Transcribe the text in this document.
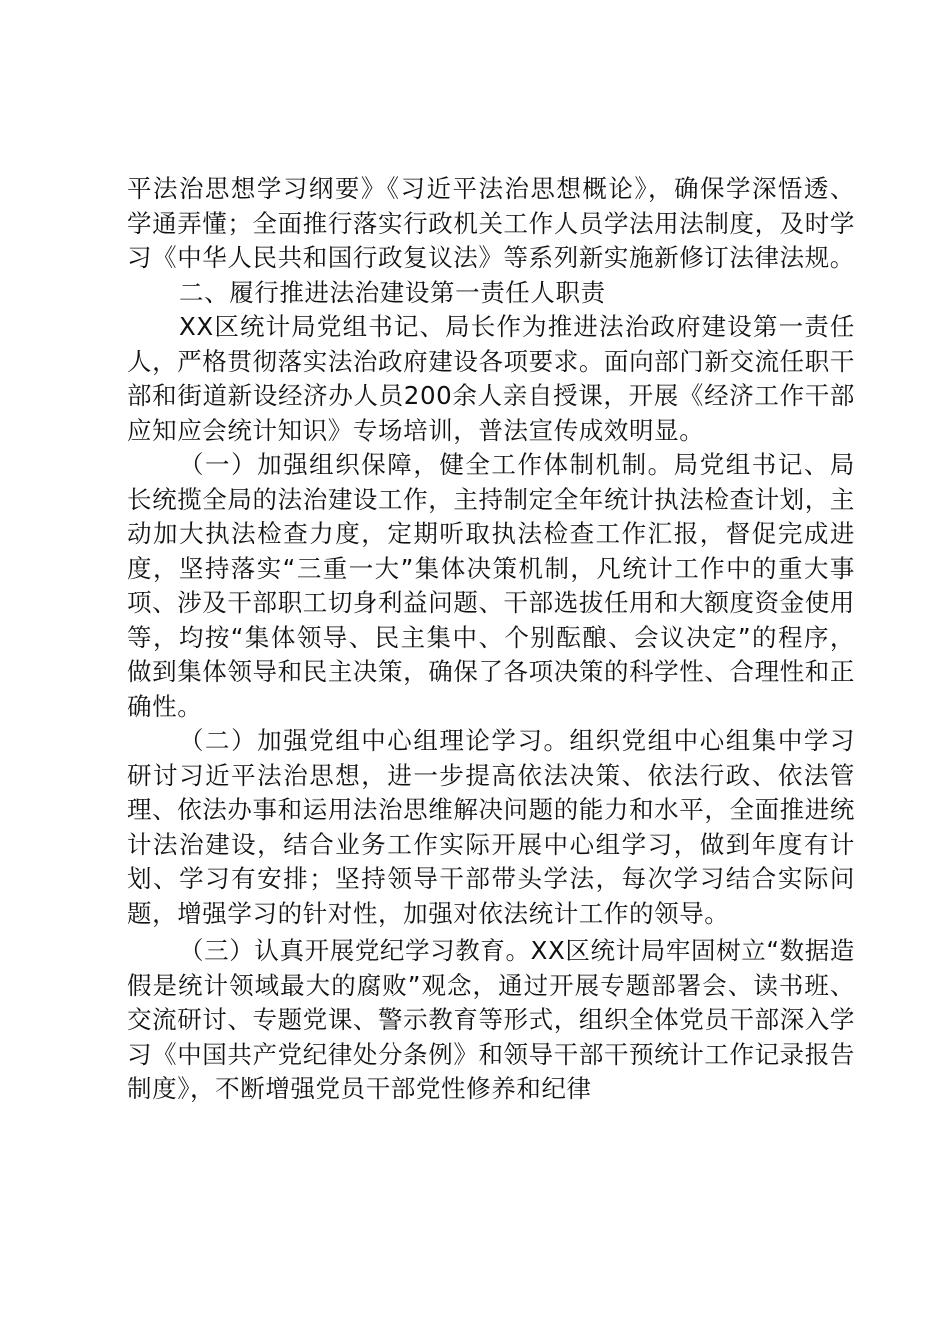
平法治思想学习纲要》《习近平法治思想概论》，确保学深悟透、学通弄懂；全面推行落实行政机关工作人员学法用法制度，及时学习《中华人民共和国行政复议法》等系列新实施新修订法律法规。

二、履行推进法治建设第一责任人职责

XX区统计局党组书记、局长作为推进法治政府建设第一责任人，严格贯彻落实法治政府建设各项要求。面向部门新交流任职干部和街道新设经济办人员200余人亲自授课，开展《经济工作干部应知应会统计知识》专场培训，普法宣传成效明显。

（一）加强组织保障，健全工作体制机制。局党组书记、局长统揽全局的法治建设工作，主持制定全年统计执法检查计划，主动加大执法检查力度，定期听取执法检查工作汇报，督促完成进度，坚持落实“三重一大”集体决策机制，凡统计工作中的重大事项、涉及干部职工切身利益问题、干部选拔任用和大额度资金使用等，均按“集体领导、民主集中、个别酝酿、会议决定”的程序，做到集体领导和民主决策，确保了各项决策的科学性、合理性和正确性。

（二）加强党组中心组理论学习。组织党组中心组集中学习研讨习近平法治思想，进一步提高依法决策、依法行政、依法管理、依法办事和运用法治思维解决问题的能力和水平，全面推进统计法治建设，结合业务工作实际开展中心组学习，做到年度有计划、学习有安排；坚持领导干部带头学法，每次学习结合实际问题，增强学习的针对性，加强对依法统计工作的领导。

（三）认真开展党纪学习教育。XX区统计局牢固树立“数据造假是统计领域最大的腐败”观念，通过开展专题部署会、读书班、交流研讨、专题党课、警示教育等形式，组织全体党员干部深入学习《中国共产党纪律处分条例》和领导干部干预统计工作记录报告制度》，不断增强党员干部党性修养和纪律
